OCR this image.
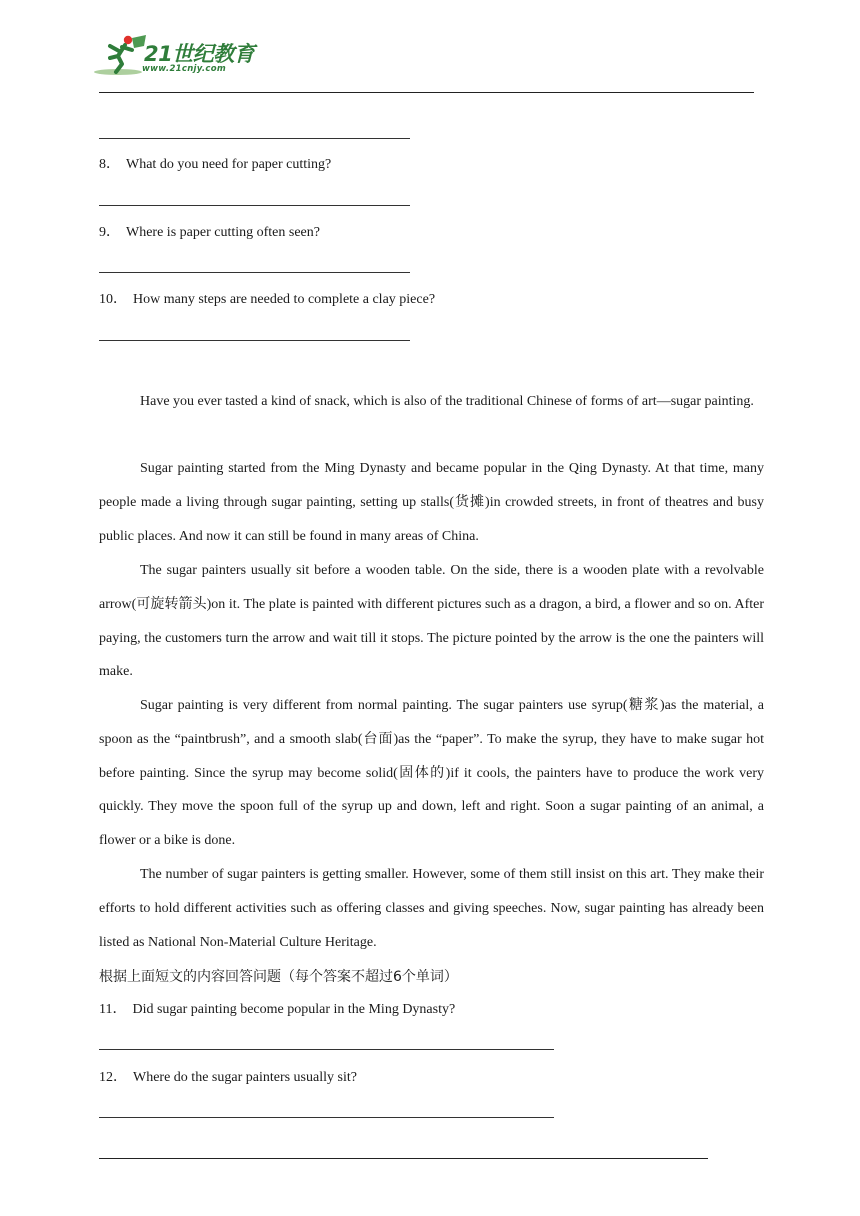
21世纪教育
www.21cnjy.com
8． What do you need for paper cutting?
9． Where is paper cutting often seen?
10． How many steps are needed to complete a clay piece?

Have you ever tasted a kind of snack, which is also of the traditional Chinese of forms of art—sugar painting.

Sugar painting started from the Ming Dynasty and became popular in the Qing Dynasty. At that time, many people made a living through sugar painting, setting up stalls(货摊)in crowded streets, in front of theatres and busy public places. And now it can still be found in many areas of China.

The sugar painters usually sit before a wooden table. On the side, there is a wooden plate with a revolvable arrow(可旋转箭头)on it. The plate is painted with different pictures such as a dragon, a bird, a flower and so on. After paying, the customers turn the arrow and wait till it stops. The picture pointed by the arrow is the one the painters will make.

Sugar painting is very different from normal painting. The sugar painters use syrup(糖浆)as the material, a spoon as the “paintbrush”, and a smooth slab(台面)as the “paper”. To make the syrup, they have to make sugar hot before painting. Since the syrup may become solid(固体的)if it cools, the painters have to produce the work very quickly. They move the spoon full of the syrup up and down, left and right. Soon a sugar painting of an animal, a flower or a bike is done.

The number of sugar painters is getting smaller. However, some of them still insist on this art. They make their efforts to hold different activities such as offering classes and giving speeches. Now, sugar painting has already been listed as National Non-Material Culture Heritage.

根据上面短文的内容回答问题（每个答案不超过6个单词）
11． Did sugar painting become popular in the Ming Dynasty?
12． Where do the sugar painters usually sit?
